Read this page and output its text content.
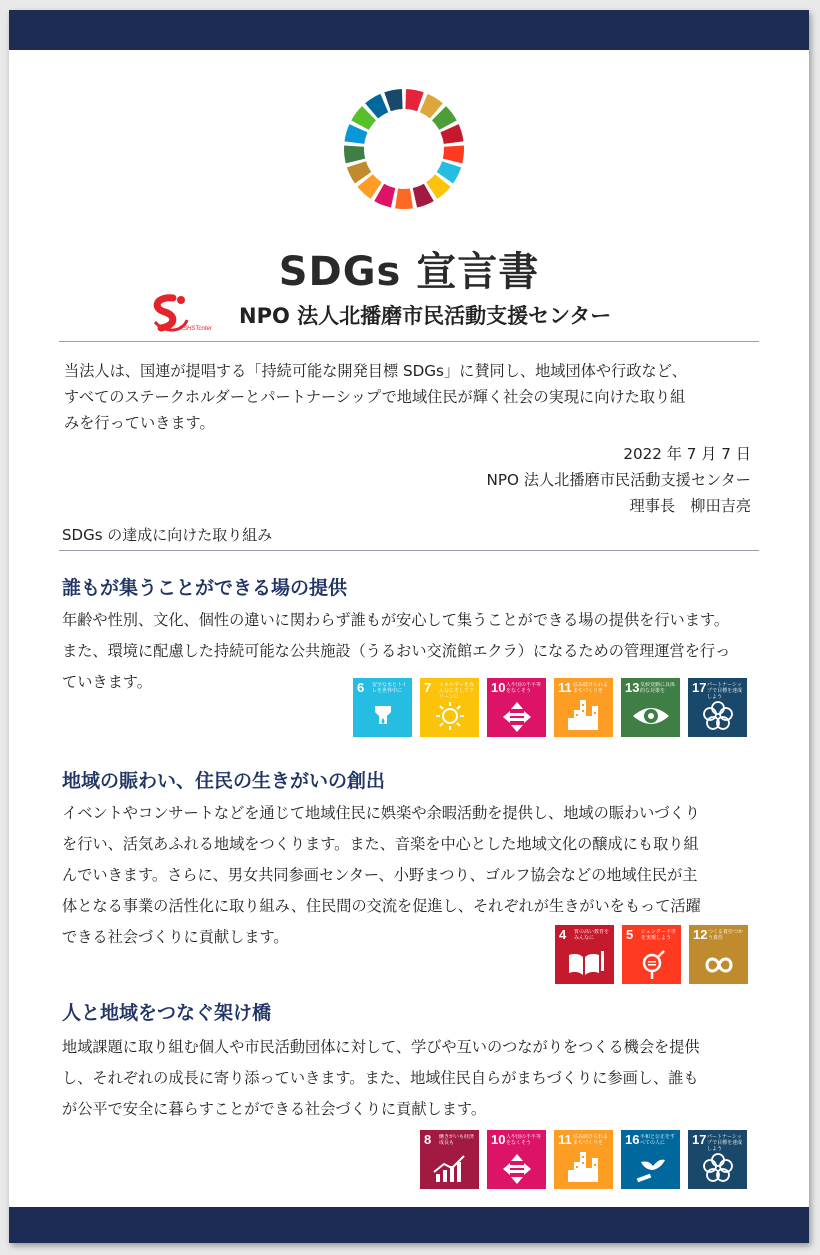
SDGs 宣言書
KSHSTcnter
NPO 法人北播磨市民活動支援センター
当法人は、国連が提唱する「持続可能な開発目標 SDGs」に賛同し、地域団体や行政など、
すべてのステークホルダーとパートナーシップで地域住民が輝く社会の実現に向けた取り組
みを行っていきます。
2022 年 7 月 7 日
NPO 法人北播磨市民活動支援センター
理事長　柳田吉亮
SDGs の達成に向けた取り組み
誰もが集うことができる場の提供
年齢や性別、文化、個性の違いに関わらず誰もが安心して集うことができる場の提供を行います。
また、環境に配慮した持続可能な公共施設（うるおい交流館エクラ）になるための管理運営を行っ
ていきます。	6 安全な水とトイレを世界中に	7 エネルギーをみんなにそしてクリーンに
10 人や国の不平等をなくそう	11 住み続けられるまちづくりを	13 気候変動に具体的な対策を	17 パートナーシップで目標を達成しよう
地域の賑わい、住民の生きがいの創出
イベントやコンサートなどを通じて地域住民に娯楽や余暇活動を提供し、地域の賑わいづくり
を行い、活気あふれる地域をつくります。また、音楽を中心とした地域文化の醸成にも取り組
んでいきます。さらに、男女共同参画センター、小野まつり、ゴルフ協会などの地域住民が主
体となる事業の活性化に取り組み、住民間の交流を促進し、それぞれが生きがいをもって活躍
できる社会づくりに貢献します。	4 質の高い教育をみんなに	5 ジェンダー平等を実現しよう	12 つくる責任つかう責任
人と地域をつなぐ架け橋
地域課題に取り組む個人や市民活動団体に対して、学びや互いのつながりをつくる機会を提供
し、それぞれの成長に寄り添っていきます。また、地域住民自らがまちづくりに参画し、誰も
が公平で安全に暮らすことができる社会づくりに貢献します。
8 働きがいも経済成長も	10 人や国の不平等をなくそう	11 住み続けられるまちづくりを	16 平和と公正をすべての人に	17 パートナーシップで目標を達成しよう
